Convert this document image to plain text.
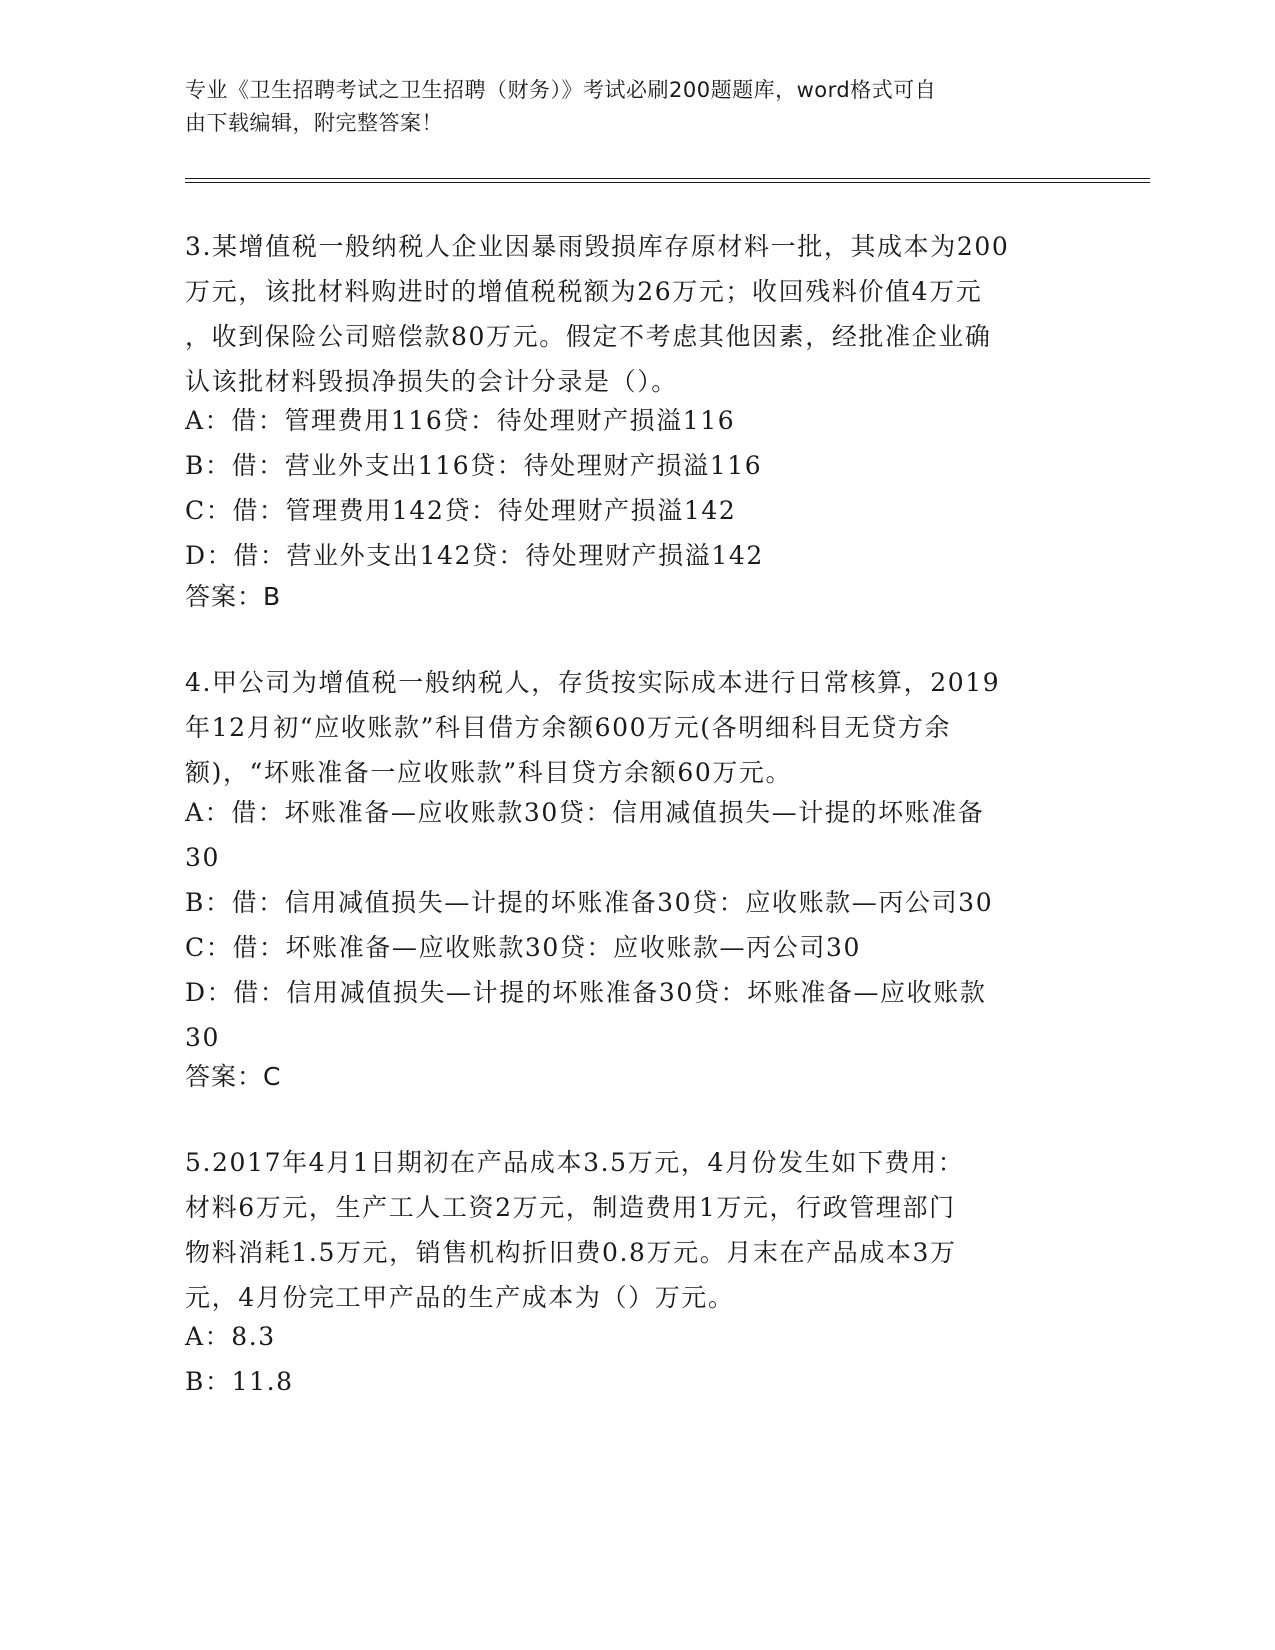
专业《卫生招聘考试之卫生招聘（财务）》考试必刷200题题库，word格式可自
由下载编辑，附完整答案！
3.某增值税一般纳税人企业因暴雨毁损库存原材料一批，其成本为200
万元，该批材料购进时的增值税税额为26万元；收回残料价值4万元
，收到保险公司赔偿款80万元。假定不考虑其他因素，经批准企业确
认该批材料毁损净损失的会计分录是（）。
A：借：管理费用116贷：待处理财产损溢116
B：借：营业外支出116贷：待处理财产损溢116
C：借：管理费用142贷：待处理财产损溢142
D：借：营业外支出142贷：待处理财产损溢142
答案：B
4.甲公司为增值税一般纳税人，存货按实际成本进行日常核算，2019
年12月初“应收账款”科目借方余额600万元(各明细科目无贷方余
额)，“坏账准备一应收账款”科目贷方余额60万元。
A：借：坏账准备—应收账款30贷：信用减值损失—计提的坏账准备
30
B：借：信用减值损失—计提的坏账准备30贷：应收账款—丙公司30
C：借：坏账准备—应收账款30贷：应收账款—丙公司30
D：借：信用减值损失—计提的坏账准备30贷：坏账准备—应收账款
30
答案：C
5.2017年4月1日期初在产品成本3.5万元，4月份发生如下费用：
材料6万元，生产工人工资2万元，制造费用1万元，行政管理部门
物料消耗1.5万元，销售机构折旧费0.8万元。月末在产品成本3万
元，4月份完工甲产品的生产成本为（）万元。
A：8.3
B：11.8
